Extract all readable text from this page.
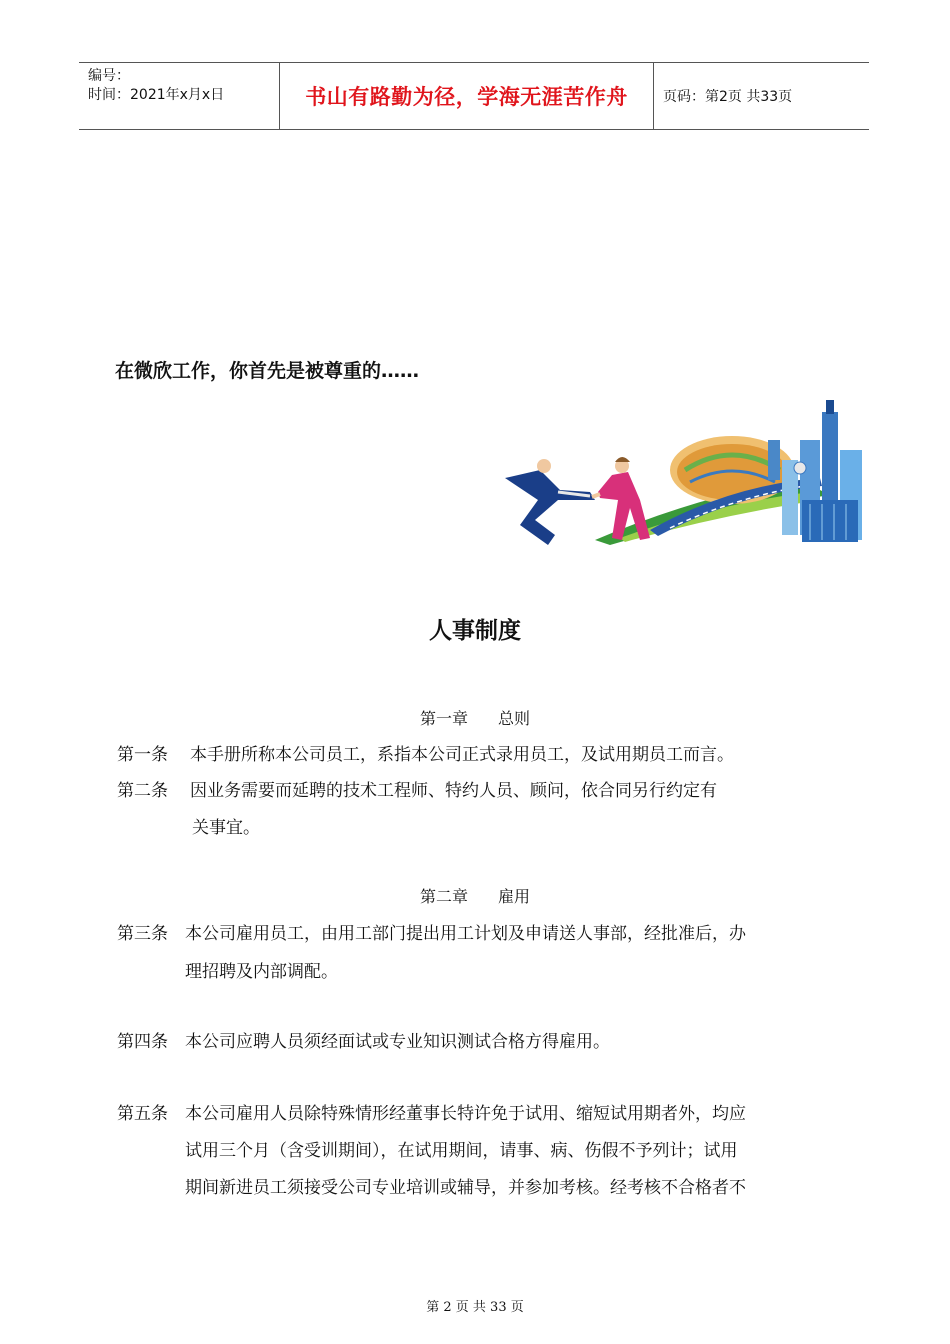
编号：
时间：2021年x月x日	书山有路勤为径，学海无涯苦作舟	页码：第2页 共33页
在微欣工作，你首先是被尊重的……
人事制度
第一章 总则
第一条 本手册所称本公司员工，系指本公司正式录用员工，及试用期员工而言。
第二条 因业务需要而延聘的技术工程师、特约人员、顾问，依合同另行约定有
关事宜。
第二章 雇用
第三条 本公司雇用员工，由用工部门提出用工计划及申请送人事部，经批准后，办
理招聘及内部调配。
第四条 本公司应聘人员须经面试或专业知识测试合格方得雇用。
第五条 本公司雇用人员除特殊情形经董事长特许免于试用、缩短试用期者外，均应
试用三个月（含受训期间），在试用期间，请事、病、伤假不予列计；试用
期间新进员工须接受公司专业培训或辅导，并参加考核。经考核不合格者不
第 2 页 共 33 页
